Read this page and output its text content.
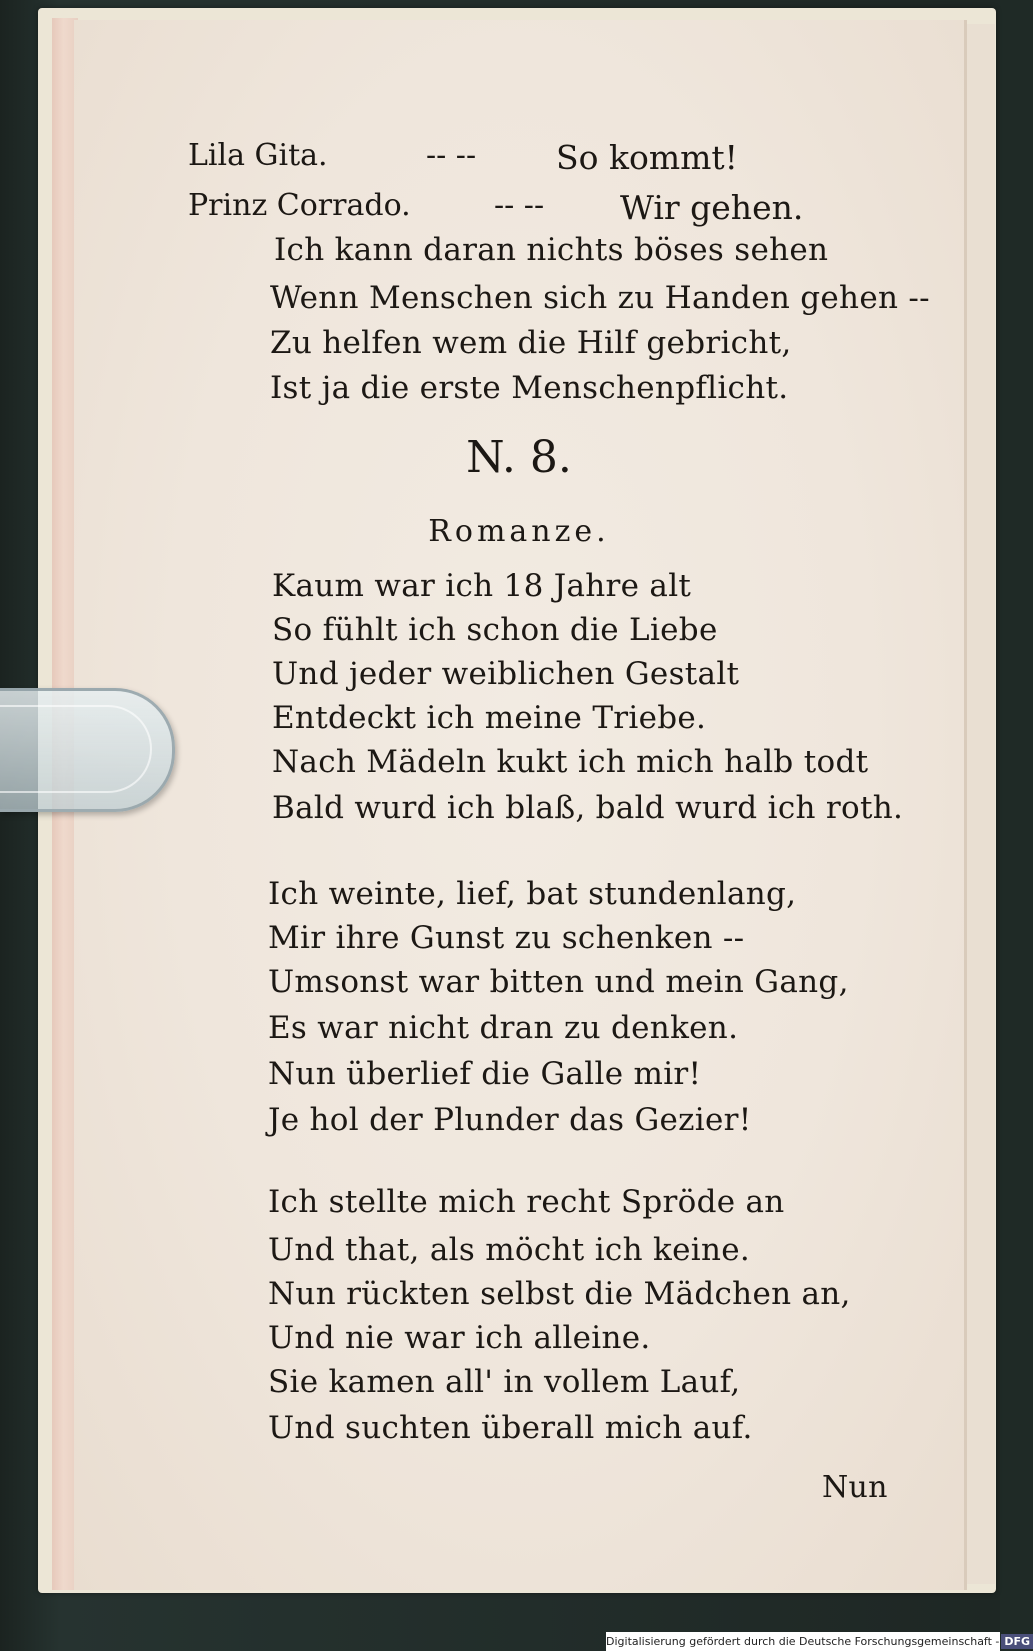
Lila Gita.	-- -- So kommt!
Prinz Corrado.	-- -- Wir gehen.
Ich kann daran nichts böses sehen
Wenn Menschen sich zu Handen gehen --
Zu helfen wem die Hilf gebricht,
Ist ja die erste Menschenpflicht.
N. 8.
Romanze.
Kaum war ich 18 Jahre alt
So fühlt ich schon die Liebe
Und jeder weiblichen Gestalt
Entdeckt ich meine Triebe.
Nach Mädeln kukt ich mich halb todt
Bald wurd ich blaß, bald wurd ich roth.
Ich weinte, lief, bat stundenlang,
Mir ihre Gunst zu schenken --
Umsonst war bitten und mein Gang,
Es war nicht dran zu denken.
Nun überlief die Galle mir!
Je hol der Plunder das Gezier!
Ich stellte mich recht Spröde an
Und that, als möcht ich keine.
Nun rückten selbst die Mädchen an,
Und nie war ich alleine.
Sie kamen all' in vollem Lauf,
Und suchten überall mich auf.
Nun
Digitalisierung gefördert durch die Deutsche Forschungsgemeinschaft - DFG
